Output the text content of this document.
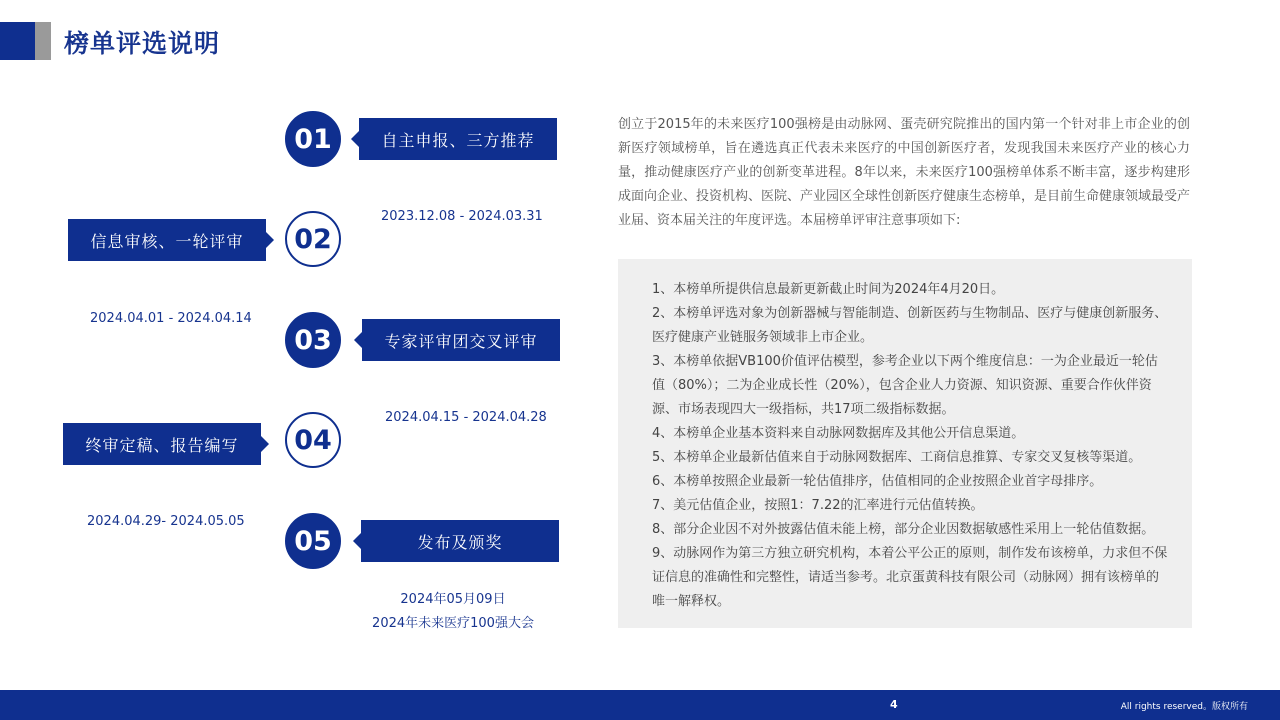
榜单评选说明
01	自主申报、三方推荐
2023.12.08 - 2024.03.31
信息审核、一轮评审	02
2024.04.01 - 2024.04.14
03	专家评审团交叉评审
2024.04.15 - 2024.04.28
终审定稿、报告编写	04
2024.04.29- 2024.05.05
05	发布及颁奖
2024年05月09日
2024年未来医疗100强大会
创立于2015年的未来医疗100强榜是由动脉网、蛋壳研究院推出的国内第一个针对非上市企业的创新医疗领域榜单，旨在遴选真正代表未来医疗的中国创新医疗者，发现我国未来医疗产业的核心力量，推动健康医疗产业的创新变革进程。8年以来，未来医疗100强榜单体系不断丰富，逐步构建形成面向企业、投资机构、医院、产业园区全球性创新医疗健康生态榜单，是目前生命健康领域最受产业届、资本届关注的年度评选。本届榜单评审注意事项如下:
1、本榜单所提供信息最新更新截止时间为2024年4月20日。
2、本榜单评选对象为创新器械与智能制造、创新医药与生物制品、医疗与健康创新服务、医疗健康产业链服务领域非上市企业。
3、本榜单依据VB100价值评估模型，参考企业以下两个维度信息：一为企业最近一轮估值（80%）；二为企业成长性（20%），包含企业人力资源、知识资源、重要合作伙伴资源、市场表现四大一级指标，共17项二级指标数据。
4、本榜单企业基本资料来自动脉网数据库及其他公开信息渠道。
5、本榜单企业最新估值来自于动脉网数据库、工商信息推算、专家交叉复核等渠道。
6、本榜单按照企业最新一轮估值排序，估值相同的企业按照企业首字母排序。
7、美元估值企业，按照1：7.22的汇率进行元估值转换。
8、部分企业因不对外披露估值未能上榜，部分企业因数据敏感性采用上一轮估值数据。
9、动脉网作为第三方独立研究机构，本着公平公正的原则，制作发布该榜单，力求但不保证信息的准确性和完整性，请适当参考。北京蛋黄科技有限公司（动脉网）拥有该榜单的唯一解释权。
4	All rights reserved。版权所有
